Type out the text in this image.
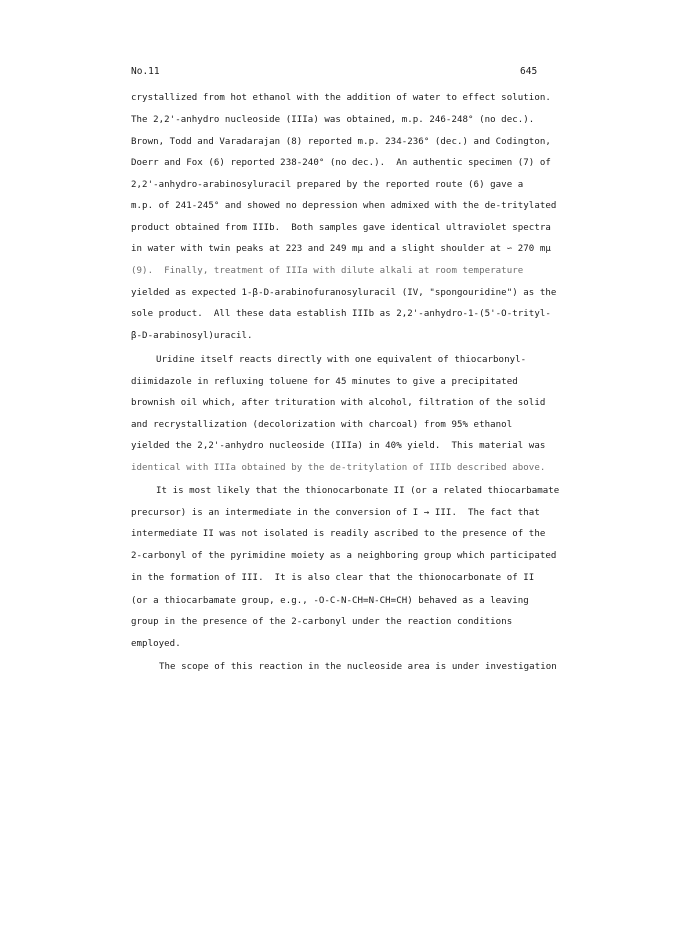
No.11	645
crystallized from hot ethanol with the addition of water to effect solution.
The 2,2'-anhydro nucleoside (IIIa) was obtained, m.p. 246-248° (no dec.).
Brown, Todd and Varadarajan (8) reported m.p. 234-236° (dec.) and Codington,
Doerr and Fox (6) reported 238-240° (no dec.).  An authentic specimen (7) of
2,2'-anhydro-arabinosyluracil prepared by the reported route (6) gave a
m.p. of 241-245° and showed no depression when admixed with the de-tritylated
product obtained from IIIb.  Both samples gave identical ultraviolet spectra
in water with twin peaks at 223 and 249 mμ and a slight shoulder at ∽ 270 mμ
(9).  Finally, treatment of IIIa with dilute alkali at room temperature
yielded as expected 1-β-D-arabinofuranosyluracil (IV, "spongouridine") as the
sole product.  All these data establish IIIb as 2,2'-anhydro-1-(5'-O-trityl-
β-D-arabinosyl)uracil.
Uridine itself reacts directly with one equivalent of thiocarbonyl-
diimidazole in refluxing toluene for 45 minutes to give a precipitated
brownish oil which, after trituration with alcohol, filtration of the solid
and recrystallization (decolorization with charcoal) from 95% ethanol
yielded the 2,2'-anhydro nucleoside (IIIa) in 40% yield.  This material was
identical with IIIa obtained by the de-tritylation of IIIb described above.
It is most likely that the thionocarbonate II (or a related thiocarbamate
precursor) is an intermediate in the conversion of I → III.  The fact that
intermediate II was not isolated is readily ascribed to the presence of the
2-carbonyl of the pyrimidine moiety as a neighboring group which participated
in the formation of III.  It is also clear that the thionocarbonate of II
(or a thiocarbamate group, e.g., -O-C-N-CH=N-CH=CH) behaved as a leaving
group in the presence of the 2-carbonyl under the reaction conditions
employed.
The scope of this reaction in the nucleoside area is under investigation
